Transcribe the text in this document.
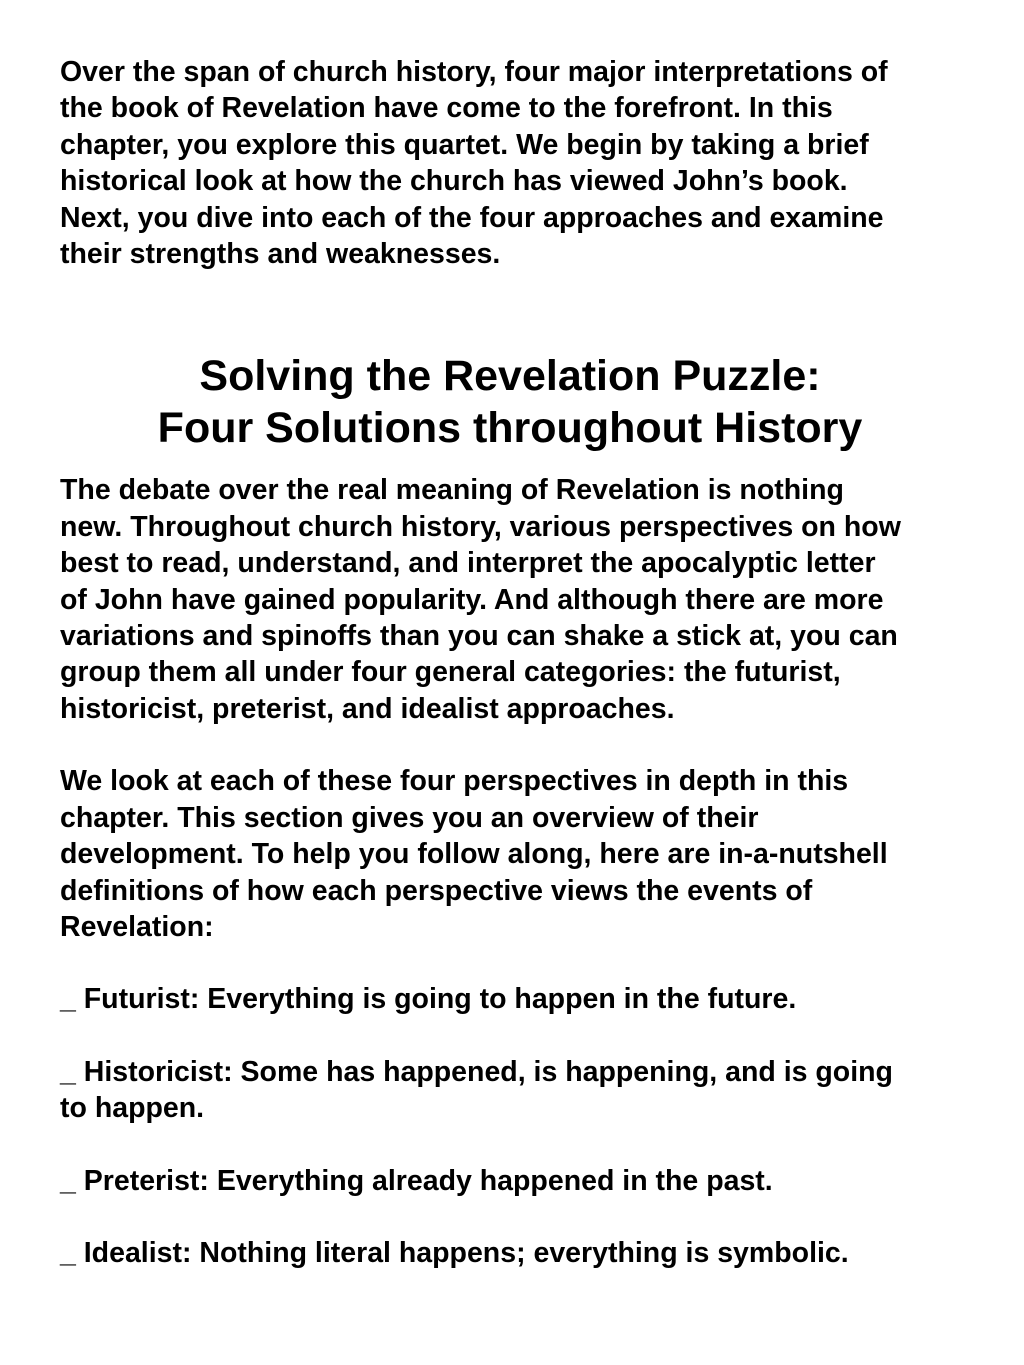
Over the span of church history, four major interpretations of
the book of Revelation have come to the forefront. In this
chapter, you explore this quartet. We begin by taking a brief
historical look at how the church has viewed John’s book.
Next, you dive into each of the four approaches and examine
their strengths and weaknesses.

Solving the Revelation Puzzle:
Four Solutions throughout History

The debate over the real meaning of Revelation is nothing
new. Throughout church history, various perspectives on how
best to read, understand, and interpret the apocalyptic letter
of John have gained popularity. And although there are more
variations and spinoffs than you can shake a stick at, you can
group them all under four general categories: the futurist,
historicist, preterist, and idealist approaches.

We look at each of these four perspectives in depth in this
chapter. This section gives you an overview of their
development. To help you follow along, here are in-a-nutshell
definitions of how each perspective views the events of
Revelation:

_ Futurist: Everything is going to happen in the future.

_ Historicist: Some has happened, is happening, and is going
to happen.

_ Preterist: Everything already happened in the past.

_ Idealist: Nothing literal happens; everything is symbolic.
